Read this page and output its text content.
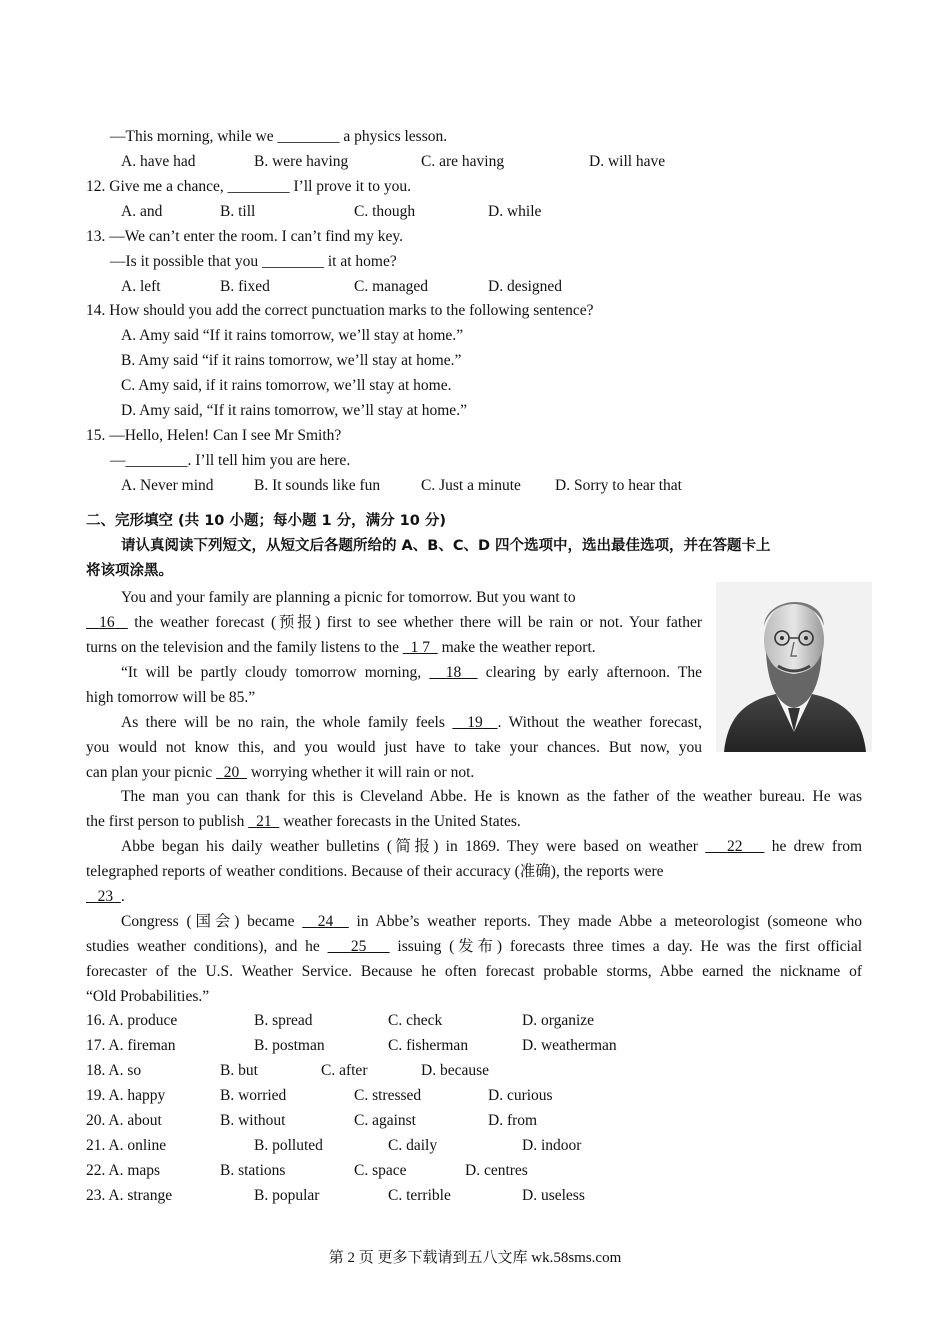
—This morning, while we ________ a physics lesson.
A. have had	B. were having	C. are having	D. will have
12. Give me a chance, ________ I’ll prove it to you.
A. and	B. till	C. though	D. while
13. —We can’t enter the room. I can’t find my key.
—Is it possible that you ________ it at home?
A. left	B. fixed	C. managed	D. designed
14. How should you add the correct punctuation marks to the following sentence?
A. Amy said “If it rains tomorrow, we’ll stay at home.”
B. Amy said “if it rains tomorrow, we’ll stay at home.”
C. Amy said, if it rains tomorrow, we’ll stay at home.
D. Amy said, “If it rains tomorrow, we’ll stay at home.”
15. —Hello, Helen! Can I see Mr Smith?
—________. I’ll tell him you are here.
A. Never mind	B. It sounds like fun	C. Just a minute D. Sorry to hear that
二、完形填空 (共 10 小题；每小题 1 分，满分 10 分)
请认真阅读下列短文，从短文后各题所给的 A、B、C、D 四个选项中，选出最佳选项，并在答题卡上
将该项涂黑。
You and your family are planning a picnic for tomorrow. But you want to
16 the weather forecast (预报) first to see whether there will be rain or not. Your father
turns on the television and the family listens to the 1 7 make the weather report.
“It will be partly cloudy tomorrow morning, 18 clearing by early afternoon. The
high tomorrow will be 85.”
As there will be no rain, the whole family feels 19 . Without the weather forecast,
you would not know this, and you would just have to take your chances. But now, you
can plan your picnic 20 worrying whether it will rain or not.
The man you can thank for this is Cleveland Abbe. He is known as the father of the weather bureau. He was
the first person to publish 21 weather forecasts in the United States.
Abbe began his daily weather bulletins (简报) in 1869. They were based on weather 22 he drew from
telegraphed reports of weather conditions. Because of their accuracy (准确), the reports were
23 .
Congress (国会) became 24 in Abbe’s weather reports. They made Abbe a meteorologist (someone who
studies weather conditions), and he 25 issuing (发布) forecasts three times a day. He was the first official
forecaster of the U.S. Weather Service. Because he often forecast probable storms, Abbe earned the nickname of
“Old Probabilities.”
16. A. produce	B. spread	C. check	D. organize
17. A. fireman	B. postman	C. fisherman	D. weatherman
18. A. so	B. but	C. after	D. because
19. A. happy	B. worried	C. stressed	D. curious
20. A. about	B. without	C. against	D. from
21. A. online	B. polluted	C. daily	D. indoor
22. A. maps	B. stations	C. space	D. centres
23. A. strange	B. popular	C. terrible	D. useless
第 2 页 更多下载请到五八文库 wk.58sms.com
